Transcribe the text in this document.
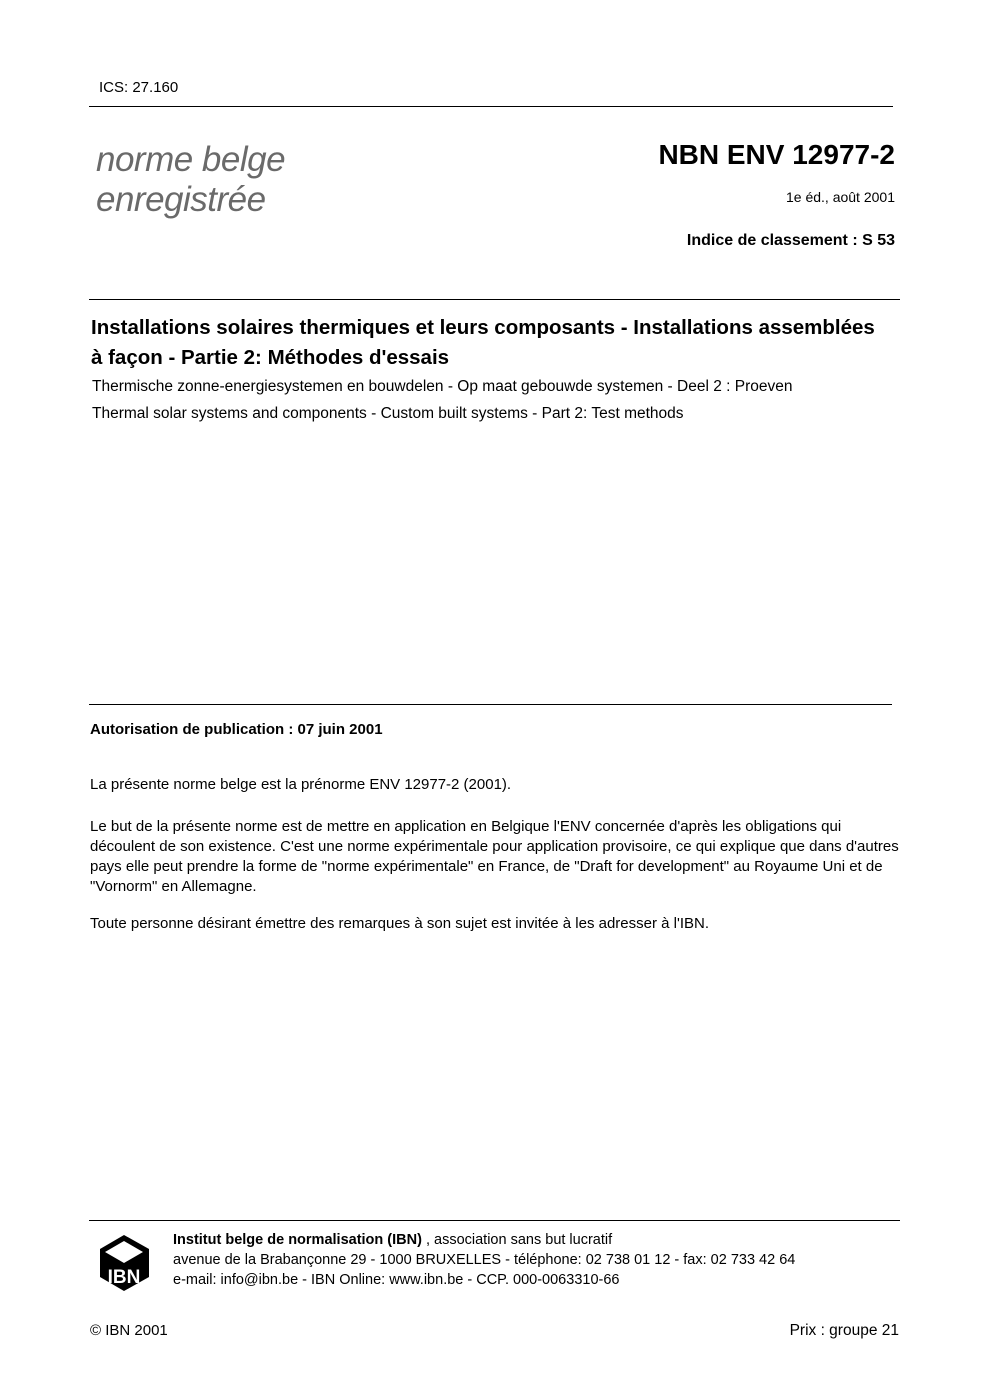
ICS: 27.160
norme belge
enregistrée
NBN ENV 12977-2
1e éd., août 2001
Indice de classement : S 53
Installations solaires thermiques et leurs composants - Installations assemblées à façon - Partie 2: Méthodes d'essais
Thermische zonne-energiesystemen en bouwdelen - Op maat gebouwde systemen - Deel 2 : Proeven
Thermal solar systems and components - Custom built systems - Part 2: Test methods
Autorisation de publication : 07 juin 2001
La présente norme belge est la prénorme ENV 12977-2 (2001).
Le but de la présente norme est de mettre en application en Belgique l'ENV concernée d'après les obligations qui découlent de son existence. C'est une norme expérimentale pour application provisoire, ce qui explique que dans d'autres pays elle peut prendre la forme de "norme expérimentale" en France, de "Draft for development" au Royaume Uni et de "Vornorm" en Allemagne.
Toute personne désirant émettre des remarques à son sujet est invitée à les adresser à l'IBN.
IBN
Institut belge de normalisation (IBN) , association sans but lucratif
avenue de la Brabançonne 29 - 1000 BRUXELLES - téléphone: 02 738 01 12 - fax: 02 733 42 64
e-mail: info@ibn.be - IBN Online: www.ibn.be - CCP. 000-0063310-66
© IBN 2001	Prix : groupe 21
